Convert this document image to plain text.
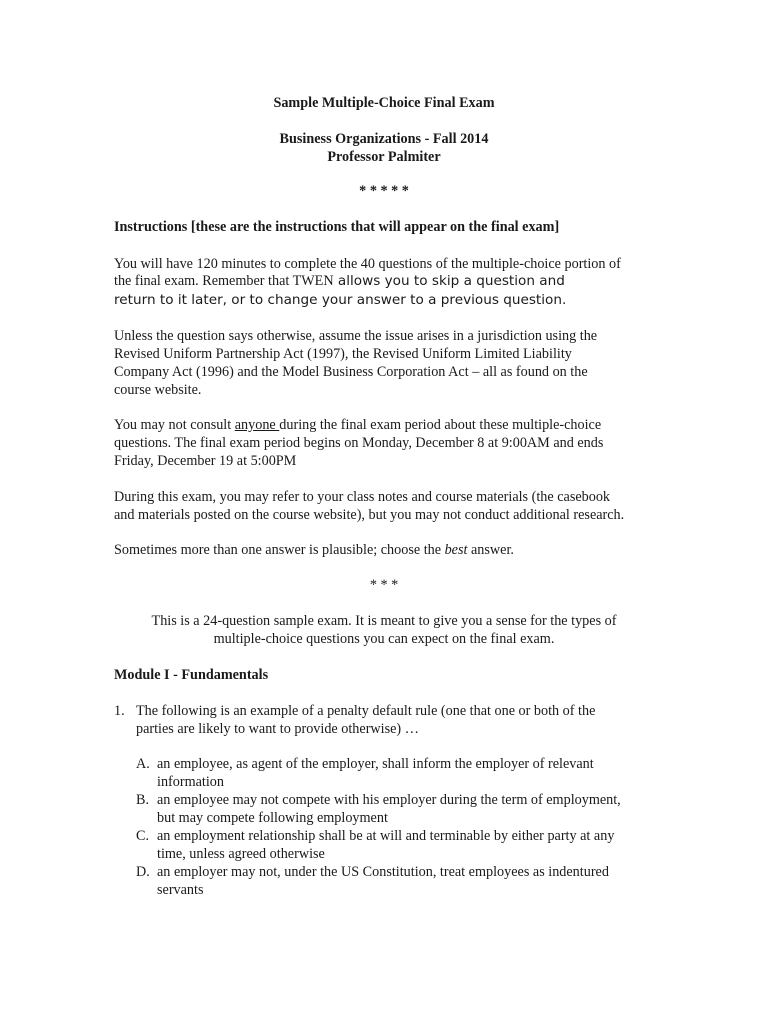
Sample Multiple-Choice Final Exam
Business Organizations - Fall 2014
Professor Palmiter
* * * * *
Instructions [these are the instructions that will appear on the final exam]
You will have 120 minutes to complete the 40 questions of the multiple-choice portion of
the final exam. Remember that TWEN allows you to skip a question and
return to it later, or to change your answer to a previous question.
Unless the question says otherwise, assume the issue arises in a jurisdiction using the
Revised Uniform Partnership Act (1997), the Revised Uniform Limited Liability
Company Act (1996) and the Model Business Corporation Act – all as found on the
course website.
You may not consult anyone during the final exam period about these multiple-choice
questions. The final exam period begins on Monday, December 8 at 9:00AM and ends
Friday, December 19 at 5:00PM
During this exam, you may refer to your class notes and course materials (the casebook
and materials posted on the course website), but you may not conduct additional research.
Sometimes more than one answer is plausible; choose the best answer.
* * *
This is a 24-question sample exam. It is meant to give you a sense for the types of
multiple-choice questions you can expect on the final exam.
Module I - Fundamentals
1. The following is an example of a penalty default rule (one that one or both of the
parties are likely to want to provide otherwise) …
A. an employee, as agent of the employer, shall inform the employer of relevant
information
B. an employee may not compete with his employer during the term of employment,
but may compete following employment
C. an employment relationship shall be at will and terminable by either party at any
time, unless agreed otherwise
D. an employer may not, under the US Constitution, treat employees as indentured
servants
